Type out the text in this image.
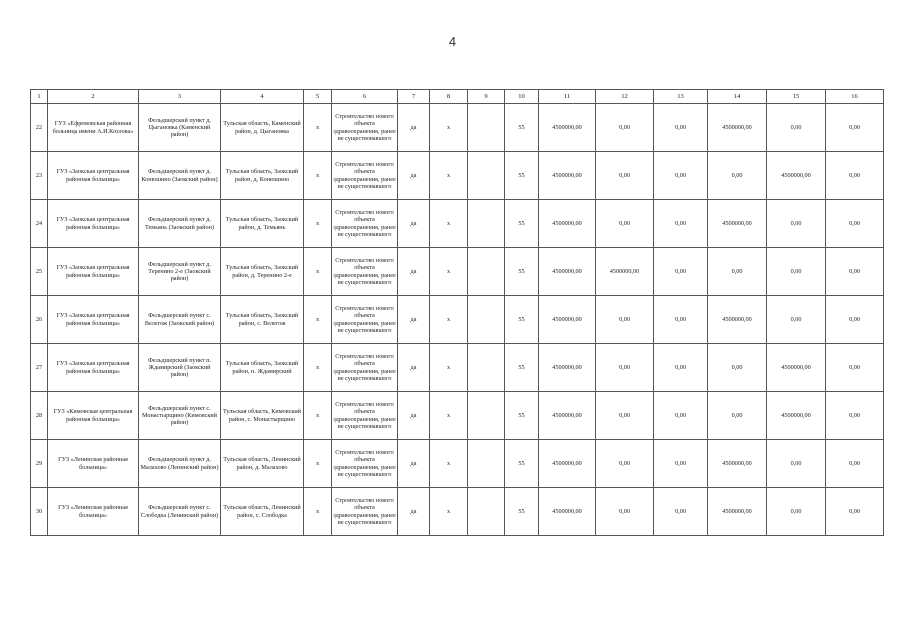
4
1	2	3	4	5	6	7	8	9	10	11	12	13	14	15	16
22	ГУЗ «Ефремовская районная больница имени А.И.Козлова»	Фельдшерский пункт д. Цыгановка (Каменский район)	Тульская область, Каменский район, д. Цыгановка	х	Строительство нового объекта здравоохранения, ранее не существовавшего	да	х		55	4500000,00	0,00	0,00	4500000,00	0,00	0,00
23	ГУЗ «Заокская центральная районная больница»	Фельдшерский пункт д. Конюшино (Заокский район)	Тульская область, Заокский район, д. Конюшино	х	Строительство нового объекта здравоохранения, ранее не существовавшего	да	х		55	4500000,00	0,00	0,00	0,00	4500000,00	0,00
24	ГУЗ «Заокская центральная районная больница»	Фельдшерский пункт д. Темьянь (Заокский район)	Тульская область, Заокский район, д. Темьянь	х	Строительство нового объекта здравоохранения, ранее не существовавшего	да	х		55	4500000,00	0,00	0,00	4500000,00	0,00	0,00
25	ГУЗ «Заокская центральная районная больница»	Фельдшерский пункт д. Теренино 2-е (Заокский район)	Тульская область, Заокский район, д. Теренино 2-е	х	Строительство нового объекта здравоохранения, ранее не существовавшего	да	х		55	4500000,00	4500000,00	0,00	0,00	0,00	0,00
26	ГУЗ «Заокская центральная районная больница»	Фельдшерский пункт с. Велегож (Заокский район)	Тульская область, Заокский район, с. Велегож	х	Строительство нового объекта здравоохранения, ранее не существовавшего	да	х		55	4500000,00	0,00	0,00	4500000,00	0,00	0,00
27	ГУЗ «Заокская центральная районная больница»	Фельдшерский пункт п. Ждамирский (Заокский район)	Тульская область, Заокский район, п. Ждамирский	х	Строительство нового объекта здравоохранения, ранее не существовавшего	да	х		55	4500000,00	0,00	0,00	0,00	4500000,00	0,00
28	ГУЗ «Кимовская центральная районная больница»	Фельдшерский пункт с. Монастырщино (Кимовский район)	Тульская область, Кимовский район, с. Монастырщино	х	Строительство нового объекта здравоохранения, ранее не существовавшего	да	х		55	4500000,00	0,00	0,00	0,00	4500000,00	0,00
29	ГУЗ «Ленинская районная больница»	Фельдшерский пункт д. Малахово (Ленинский район)	Тульская область, Ленинский район, д. Малахово	х	Строительство нового объекта здравоохранения, ранее не существовавшего	да	х		55	4500000,00	0,00	0,00	4500000,00	0,00	0,00
30	ГУЗ «Ленинская районная больница»	Фельдшерский пункт с. Слободка (Ленинский район)	Тульская область, Ленинский район, с. Слободка	х	Строительство нового объекта здравоохранения, ранее не существовавшего	да	х		55	4500000,00	0,00	0,00	4500000,00	0,00	0,00
